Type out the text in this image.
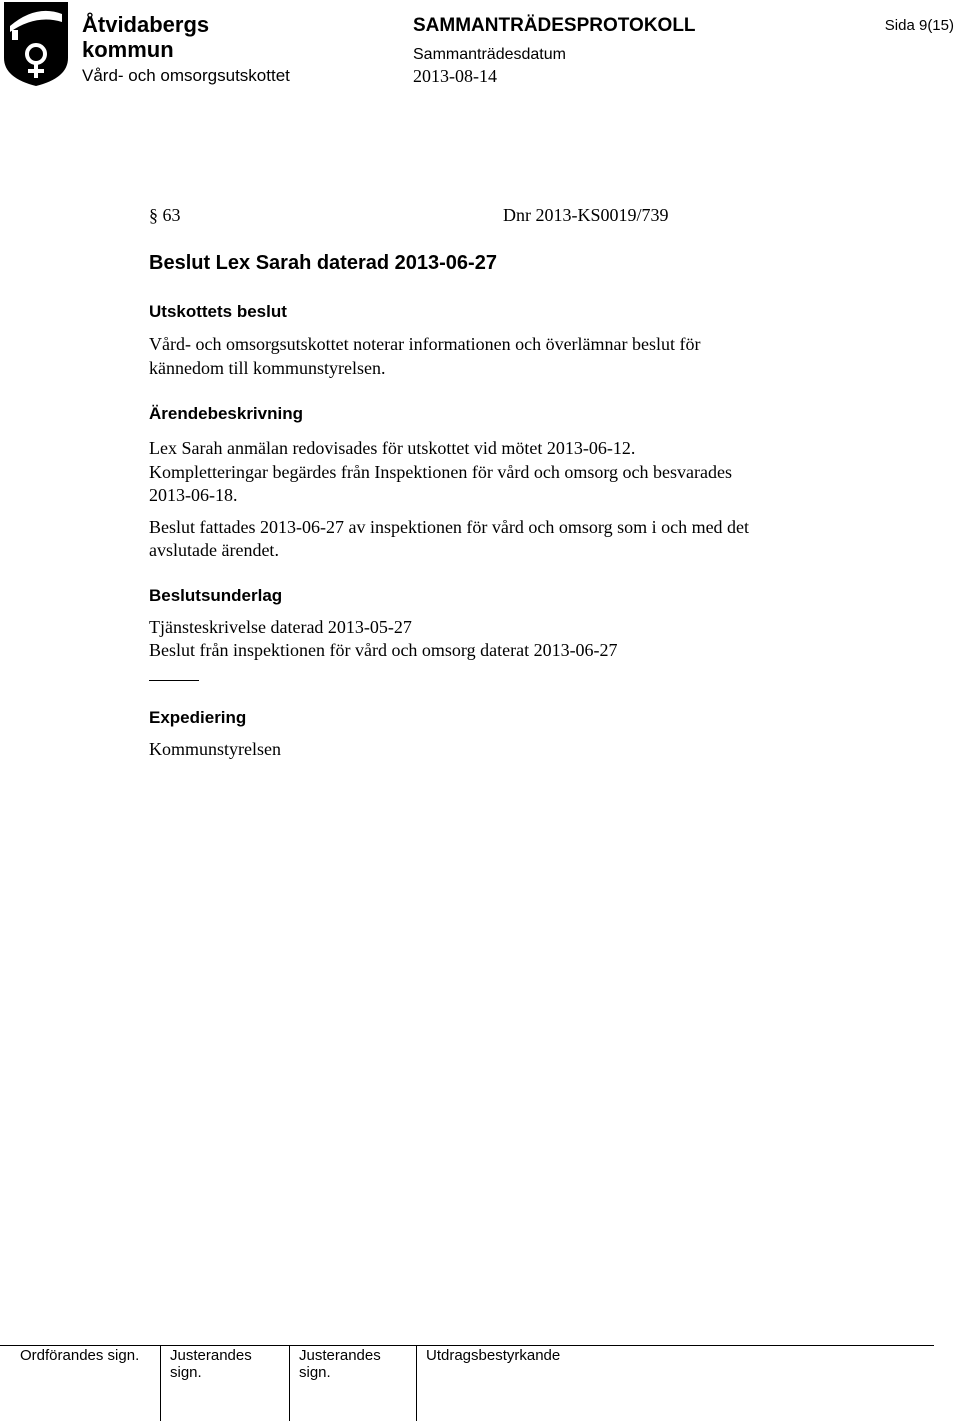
Åtvidabergs
kommun
Vård- och omsorgsutskottet
SAMMANTRÄDESPROTOKOLL
Sammanträdesdatum
2013-08-14
Sida 9(15)
§ 63	Dnr 2013-KS0019/739
Beslut Lex Sarah daterad 2013-06-27
Utskottets beslut
Vård- och omsorgsutskottet noterar informationen och överlämnar beslut för
kännedom till kommunstyrelsen.
Ärendebeskrivning
Lex Sarah anmälan redovisades för utskottet vid mötet 2013-06-12.
Kompletteringar begärdes från Inspektionen för vård och omsorg och besvarades
2013-06-18.
Beslut fattades 2013-06-27 av inspektionen för vård och omsorg som i och med det
avslutade ärendet.
Beslutsunderlag
Tjänsteskrivelse daterad 2013-05-27
Beslut från inspektionen för vård och omsorg daterat 2013-06-27
Expediering
Kommunstyrelsen
Ordförandes sign. Justerandes
sign.
Justerandes
sign.
Utdragsbestyrkande
